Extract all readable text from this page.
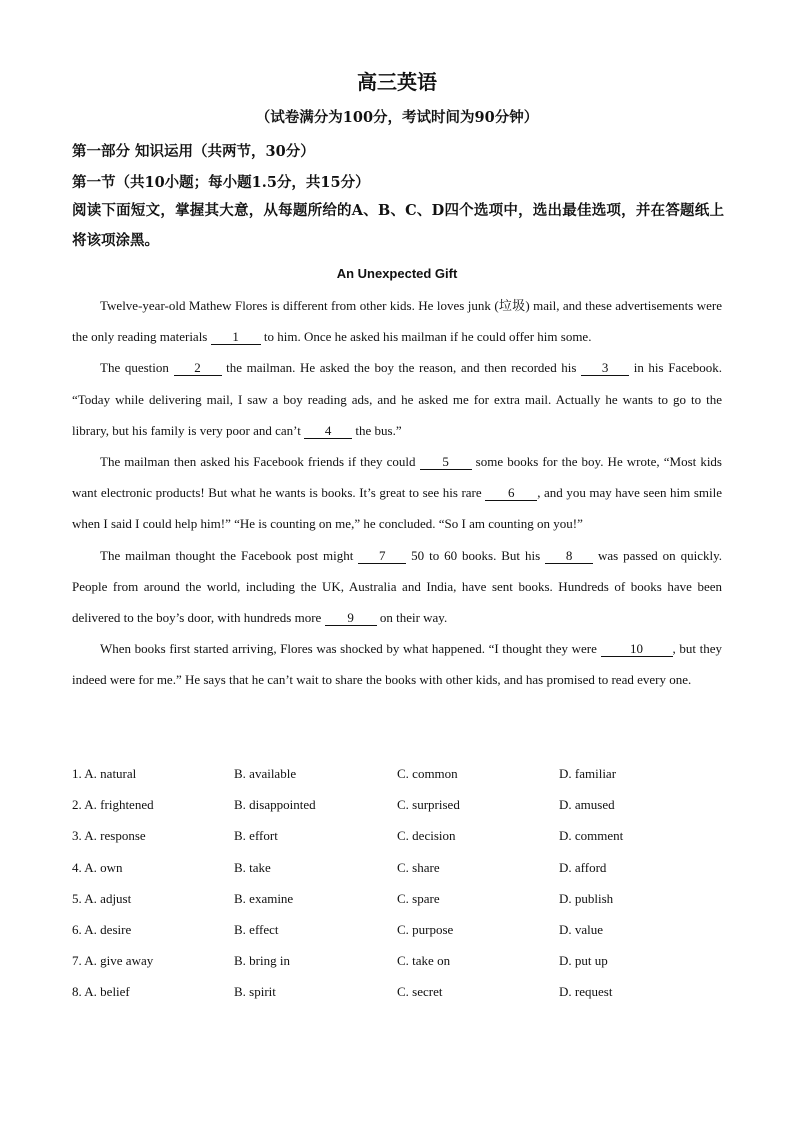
高三英语
（试卷满分为100分，考试时间为90分钟）
第一部分 知识运用（共两节，30分）
第一节（共10小题；每小题1.5分，共15分）
阅读下面短文，掌握其大意，从每题所给的A、B、C、D四个选项中，选出最佳选项，并在答题纸上将该项涂黑。
An Unexpected Gift

Twelve-year-old Mathew Flores is different from other kids. He loves junk (垃圾) mail, and these advertisements were the only reading materials 1 to him. Once he asked his mailman if he could offer him some.

The question 2 the mailman. He asked the boy the reason, and then recorded his 3 in his Facebook. “Today while delivering mail, I saw a boy reading ads, and he asked me for extra mail. Actually he wants to go to the library, but his family is very poor and can’t 4 the bus.”

The mailman then asked his Facebook friends if they could 5 some books for the boy. He wrote, “Most kids want electronic products! But what he wants is books. It’s great to see his rare 6 , and you may have seen him smile when I said I could help him!” “He is counting on me,” he concluded. “So I am counting on you!”

The mailman thought the Facebook post might 7 50 to 60 books. But his 8 was passed on quickly. People from around the world, including the UK, Australia and India, have sent books. Hundreds of books have been delivered to the boy’s door, with hundreds more 9 on their way.

When books first started arriving, Flores was shocked by what happened. “I thought they were 10 , but they indeed were for me.” He says that he can’t wait to share the books with other kids, and has promised to read every one.

1. A. natural	B. available	C. common	D. familiar
2. A. frightened	B. disappointed	C. surprised	D. amused
3. A. response	B. effort	C. decision	D. comment
4. A. own	B. take	C. share	D. afford
5. A. adjust	B. examine	C. spare	D. publish
6. A. desire	B. effect	C. purpose	D. value
7. A. give away	B. bring in	C. take on	D. put up
8. A. belief	B. spirit	C. secret	D. request
